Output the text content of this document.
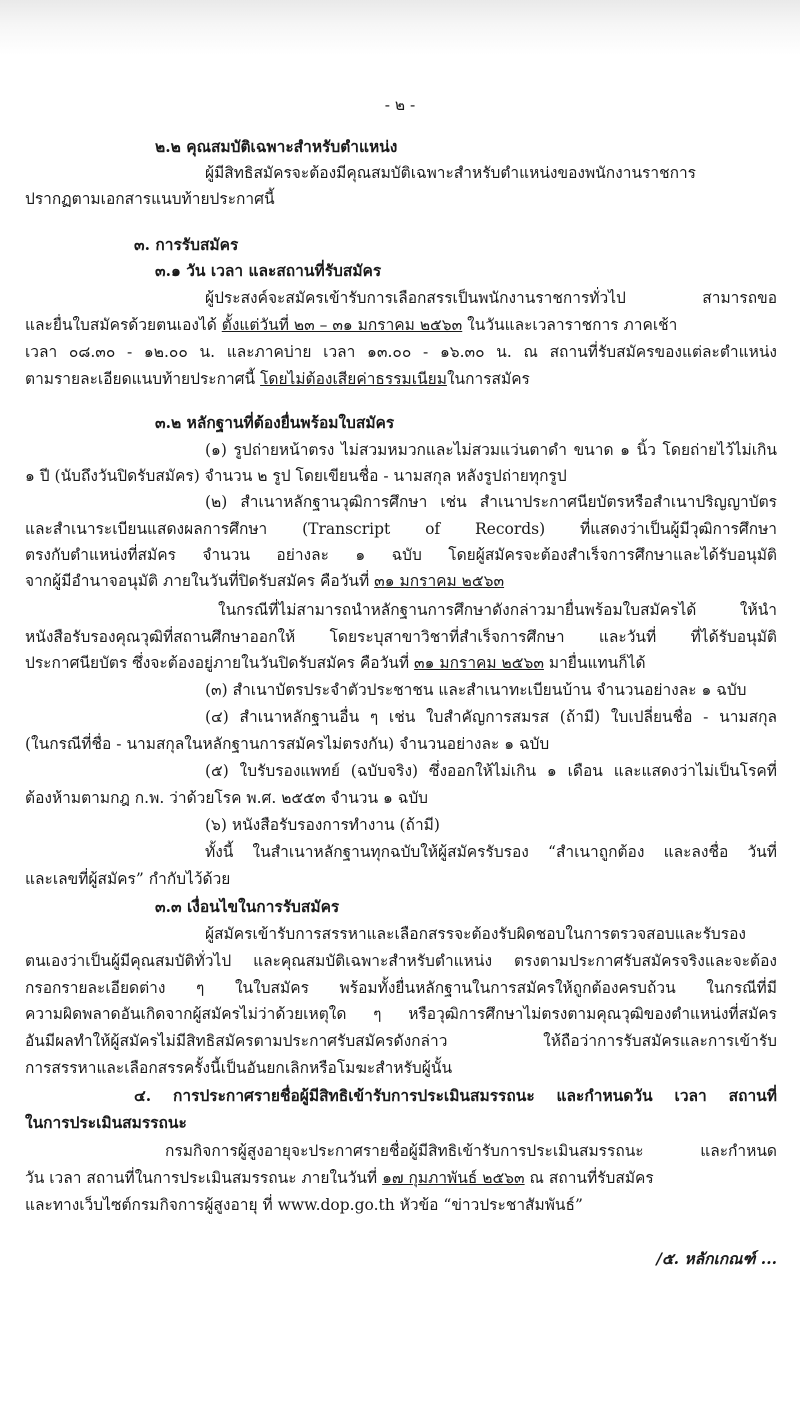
- ๒ -
๒.๒ คุณสมบัติเฉพาะสำหรับตำแหน่ง
ผู้มีสิทธิสมัครจะต้องมีคุณสมบัติเฉพาะสำหรับตำแหน่งของพนักงานราชการ
ปรากฏตามเอกสารแนบท้ายประกาศนี้
๓. การรับสมัคร
๓.๑ วัน เวลา และสถานที่รับสมัคร
ผู้ประสงค์จะสมัครเข้ารับการเลือกสรรเป็นพนักงานราชการทั่วไป สามารถขอ
และยื่นใบสมัครด้วยตนเองได้ ตั้งแต่วันที่ ๒๓ – ๓๑ มกราคม ๒๕๖๓ ในวันและเวลาราชการ ภาคเช้า
เวลา ๐๘.๓๐ - ๑๒.๐๐ น. และภาคบ่าย เวลา ๑๓.๐๐ - ๑๖.๓๐ น. ณ สถานที่รับสมัครของแต่ละตำแหน่ง
ตามรายละเอียดแนบท้ายประกาศนี้ โดยไม่ต้องเสียค่าธรรมเนียมในการสมัคร
๓.๒ หลักฐานที่ต้องยื่นพร้อมใบสมัคร
(๑) รูปถ่ายหน้าตรง ไม่สวมหมวกและไม่สวมแว่นตาดำ ขนาด ๑ นิ้ว โดยถ่ายไว้ไม่เกิน
๑ ปี (นับถึงวันปิดรับสมัคร) จำนวน ๒ รูป โดยเขียนชื่อ - นามสกุล หลังรูปถ่ายทุกรูป
(๒) สำเนาหลักฐานวุฒิการศึกษา เช่น สำเนาประกาศนียบัตรหรือสำเนาปริญญาบัตร
และสำเนาระเบียนแสดงผลการศึกษา (Transcript of Records) ที่แสดงว่าเป็นผู้มีวุฒิการศึกษา
ตรงกับตำแหน่งที่สมัคร จำนวน อย่างละ ๑ ฉบับ โดยผู้สมัครจะต้องสำเร็จการศึกษาและได้รับอนุมัติ
จากผู้มีอำนาจอนุมัติ ภายในวันที่ปิดรับสมัคร คือวันที่ ๓๑ มกราคม ๒๕๖๓
ในกรณีที่ไม่สามารถนำหลักฐานการศึกษาดังกล่าวมายื่นพร้อมใบสมัครได้ ให้นำ
หนังสือรับรองคุณวุฒิที่สถานศึกษาออกให้ โดยระบุสาขาวิชาที่สำเร็จการศึกษา และวันที่ ที่ได้รับอนุมัติ
ประกาศนียบัตร ซึ่งจะต้องอยู่ภายในวันปิดรับสมัคร คือวันที่ ๓๑ มกราคม ๒๕๖๓ มายื่นแทนก็ได้
(๓) สำเนาบัตรประจำตัวประชาชน และสำเนาทะเบียนบ้าน จำนวนอย่างละ ๑ ฉบับ
(๔) สำเนาหลักฐานอื่น ๆ เช่น ใบสำคัญการสมรส (ถ้ามี) ใบเปลี่ยนชื่อ - นามสกุล
(ในกรณีที่ชื่อ - นามสกุลในหลักฐานการสมัครไม่ตรงกัน) จำนวนอย่างละ ๑ ฉบับ
(๕) ใบรับรองแพทย์ (ฉบับจริง) ซึ่งออกให้ไม่เกิน ๑ เดือน และแสดงว่าไม่เป็นโรคที่
ต้องห้ามตามกฎ ก.พ. ว่าด้วยโรค พ.ศ. ๒๕๕๓ จำนวน ๑ ฉบับ
(๖) หนังสือรับรองการทำงาน (ถ้ามี)
ทั้งนี้ ในสำเนาหลักฐานทุกฉบับให้ผู้สมัครรับรอง “สำเนาถูกต้อง และลงชื่อ วันที่
และเลขที่ผู้สมัคร” กำกับไว้ด้วย
๓.๓ เงื่อนไขในการรับสมัคร
ผู้สมัครเข้ารับการสรรหาและเลือกสรรจะต้องรับผิดชอบในการตรวจสอบและรับรอง
ตนเองว่าเป็นผู้มีคุณสมบัติทั่วไป และคุณสมบัติเฉพาะสำหรับตำแหน่ง ตรงตามประกาศรับสมัครจริงและจะต้อง
กรอกรายละเอียดต่าง ๆ ในใบสมัคร พร้อมทั้งยื่นหลักฐานในการสมัครให้ถูกต้องครบถ้วน ในกรณีที่มี
ความผิดพลาดอันเกิดจากผู้สมัครไม่ว่าด้วยเหตุใด ๆ หรือวุฒิการศึกษาไม่ตรงตามคุณวุฒิของตำแหน่งที่สมัคร
อันมีผลทำให้ผู้สมัครไม่มีสิทธิสมัครตามประกาศรับสมัครดังกล่าว ให้ถือว่าการรับสมัครและการเข้ารับ
การสรรหาและเลือกสรรครั้งนี้เป็นอันยกเลิกหรือโมฆะสำหรับผู้นั้น
๔. การประกาศรายชื่อผู้มีสิทธิเข้ารับการประเมินสมรรถนะ และกำหนดวัน เวลา สถานที่
ในการประเมินสมรรถนะ
กรมกิจการผู้สูงอายุจะประกาศรายชื่อผู้มีสิทธิเข้ารับการประเมินสมรรถนะ และกำหนด
วัน เวลา สถานที่ในการประเมินสมรรถนะ ภายในวันที่ ๑๗ กุมภาพันธ์ ๒๕๖๓ ณ สถานที่รับสมัคร
และทางเว็บไซต์กรมกิจการผู้สูงอายุ ที่ www.dop.go.th หัวข้อ “ข่าวประชาสัมพันธ์”
/๕. หลักเกณฑ์ ...
